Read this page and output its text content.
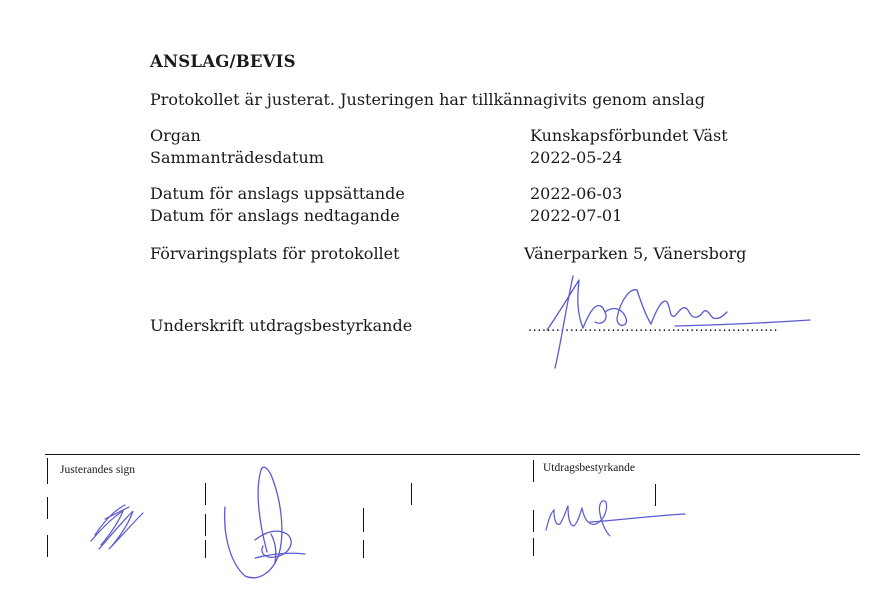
ANSLAG/BEVIS
Protokollet är justerat. Justeringen har tillkännagivits genom anslag
Organ
Sammanträdesdatum
Datum för anslags uppsättande
Datum för anslags nedtagande
Förvaringsplats för protokollet
Kunskapsförbundet Väst
2022-05-24
2022-06-03
2022-07-01
Vänerparken 5, Vänersborg
Underskrift utdragsbestyrkande	......................................................
Justerandes sign	Utdragsbestyrkande
